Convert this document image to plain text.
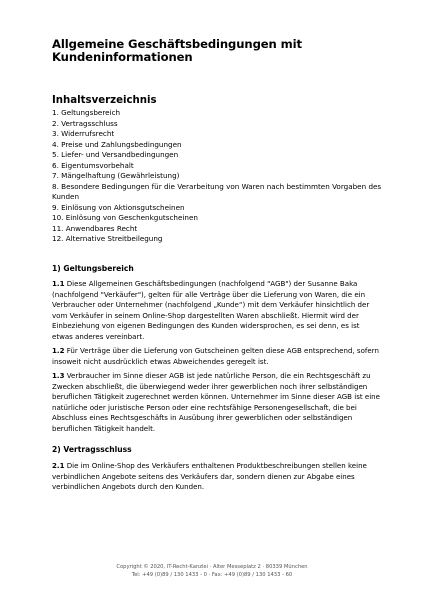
Allgemeine Geschäftsbedingungen mit Kundeninformationen
Inhaltsverzeichnis
1. Geltungsbereich
2. Vertragsschluss
3. Widerrufsrecht
4. Preise und Zahlungsbedingungen
5. Liefer- und Versandbedingungen
6. Eigentumsvorbehalt
7. Mängelhaftung (Gewährleistung)
8. Besondere Bedingungen für die Verarbeitung von Waren nach bestimmten Vorgaben des Kunden
9. Einlösung von Aktionsgutscheinen
10. Einlösung von Geschenkgutscheinen
11. Anwendbares Recht
12. Alternative Streitbeilegung
1) Geltungsbereich
1.1 Diese Allgemeinen Geschäftsbedingungen (nachfolgend "AGB") der Susanne Baka (nachfolgend "Verkäufer"), gelten für alle Verträge über die Lieferung von Waren, die ein Verbraucher oder Unternehmer (nachfolgend „Kunde“) mit dem Verkäufer hinsichtlich der vom Verkäufer in seinem Online-Shop dargestellten Waren abschließt. Hiermit wird der Einbeziehung von eigenen Bedingungen des Kunden widersprochen, es sei denn, es ist etwas anderes vereinbart.
1.2 Für Verträge über die Lieferung von Gutscheinen gelten diese AGB entsprechend, sofern insoweit nicht ausdrücklich etwas Abweichendes geregelt ist.
1.3 Verbraucher im Sinne dieser AGB ist jede natürliche Person, die ein Rechtsgeschäft zu Zwecken abschließt, die überwiegend weder ihrer gewerblichen noch ihrer selbständigen beruflichen Tätigkeit zugerechnet werden können. Unternehmer im Sinne dieser AGB ist eine natürliche oder juristische Person oder eine rechtsfähige Personengesellschaft, die bei Abschluss eines Rechtsgeschäfts in Ausübung ihrer gewerblichen oder selbständigen beruflichen Tätigkeit handelt.
2) Vertragsschluss
2.1 Die im Online-Shop des Verkäufers enthaltenen Produktbeschreibungen stellen keine verbindlichen Angebote seitens des Verkäufers dar, sondern dienen zur Abgabe eines verbindlichen Angebots durch den Kunden.
Copyright © 2020, IT-Recht-Kanzlei · Alter Messeplatz 2 · 80339 München
Tel: +49 (0)89 / 130 1433 - 0 · Fax: +49 (0)89 / 130 1433 - 60
